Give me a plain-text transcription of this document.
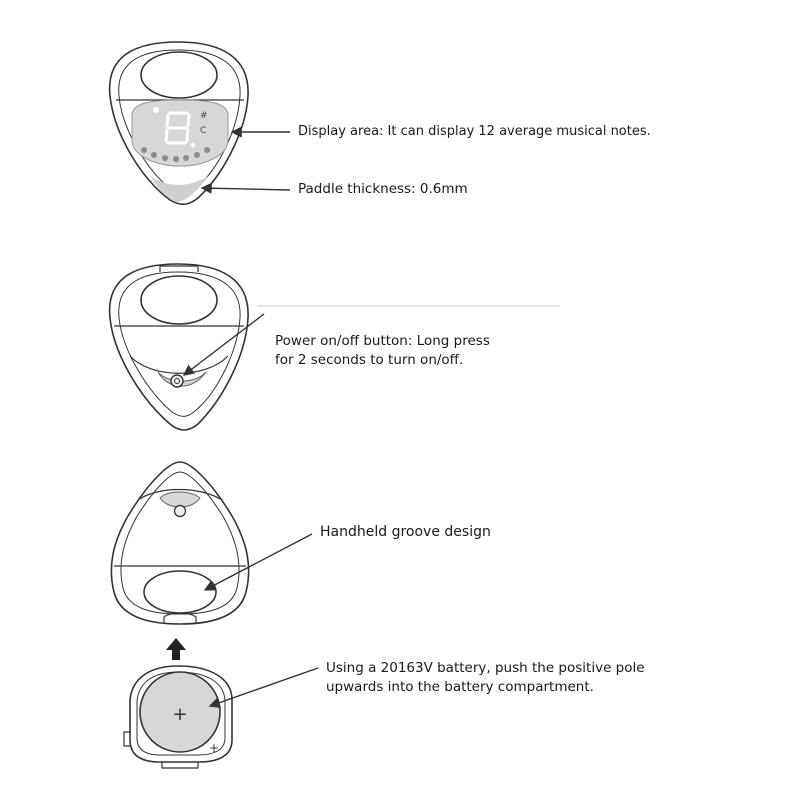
C
#
+
+
Display area: It can display 12 average musical notes.
Paddle thickness: 0.6mm
Power on/off button: Long press
for 2 seconds to turn on/off.
Handheld groove design
Using a 20163V battery, push the positive pole
upwards into the battery compartment.
